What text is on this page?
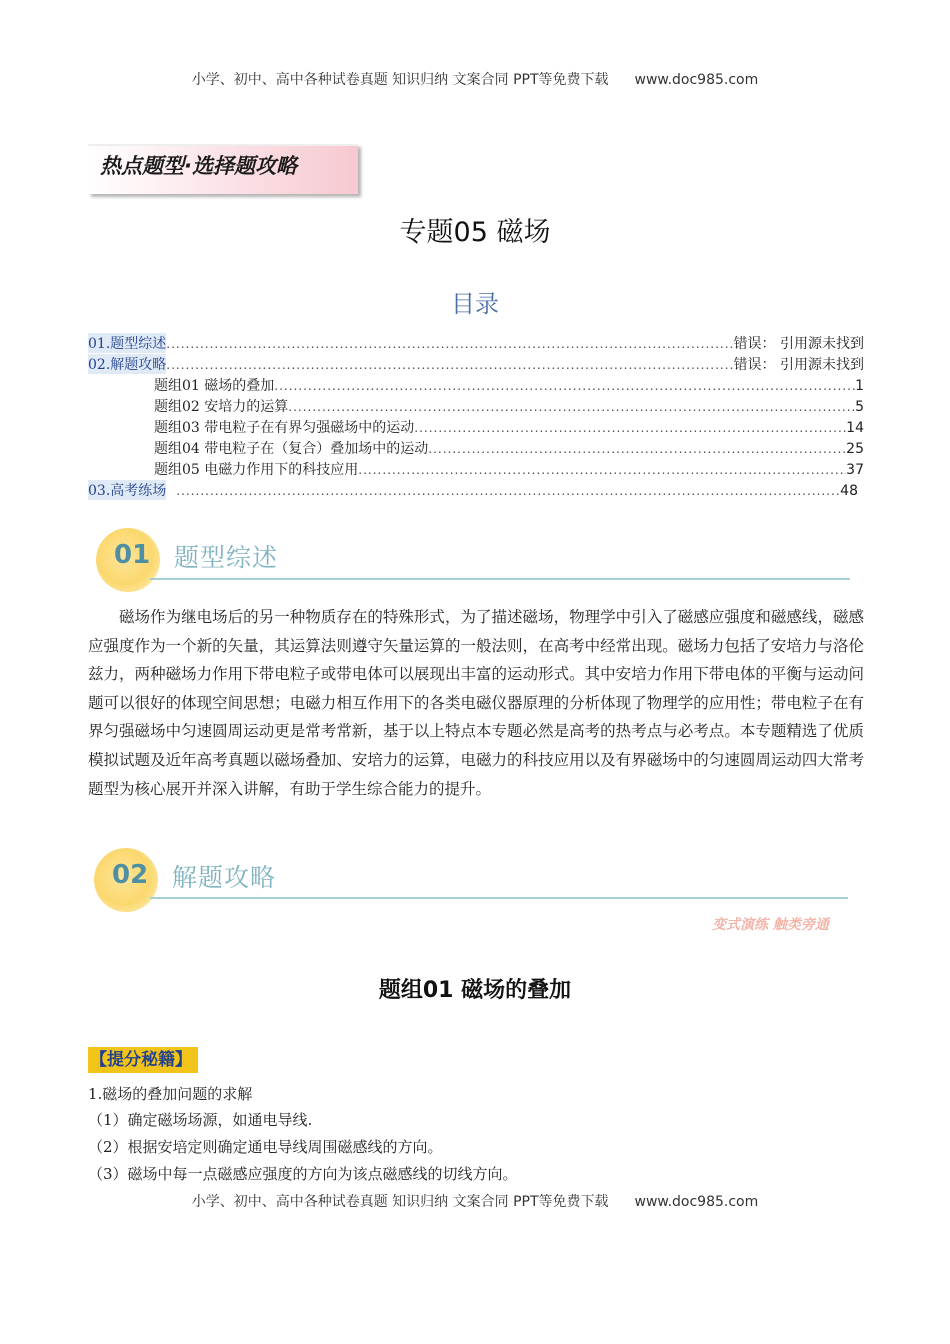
小学、初中、高中各种试卷真题 知识归纳 文案合同 PPT等免费下载 www.doc985.com
热点题型·选择题攻略
专题05 磁场
目录
01.题型综述 .....	错误： 引用源未找到
02.解题攻略 .....	错误： 引用源未找到
题组01 磁场的叠加 .....	1
题组02 安培力的运算 .....	5
题组03 带电粒子在有界匀强磁场中的运动 .....	14
题组04 带电粒子在（复合）叠加场中的运动 .....	25
题组05 电磁力作用下的科技应用 .....	37
03.高考练场 .....	48
01 题型综述
磁场作为继电场后的另一种物质存在的特殊形式，为了描述磁场，物理学中引入了磁感应强度和磁感线，磁感应强度作为一个新的矢量，其运算法则遵守矢量运算的一般法则，在高考中经常出现。磁场力包括了安培力与洛伦兹力，两种磁场力作用下带电粒子或带电体可以展现出丰富的运动形式。其中安培力作用下带电体的平衡与运动问题可以很好的体现空间思想；电磁力相互作用下的各类电磁仪器原理的分析体现了物理学的应用性；带电粒子在有界匀强磁场中匀速圆周运动更是常考常新，基于以上特点本专题必然是高考的热考点与必考点。本专题精选了优质模拟试题及近年高考真题以磁场叠加、安培力的运算，电磁力的科技应用以及有界磁场中的匀速圆周运动四大常考题型为核心展开并深入讲解，有助于学生综合能力的提升。
02 解题攻略
变式演练 触类旁通
题组01 磁场的叠加
【提分秘籍】
1.磁场的叠加问题的求解
（1）确定磁场场源，如通电导线.
（2）根据安培定则确定通电导线周围磁感线的方向。
（3）磁场中每一点磁感应强度的方向为该点磁感线的切线方向。
小学、初中、高中各种试卷真题 知识归纳 文案合同 PPT等免费下载 www.doc985.com
